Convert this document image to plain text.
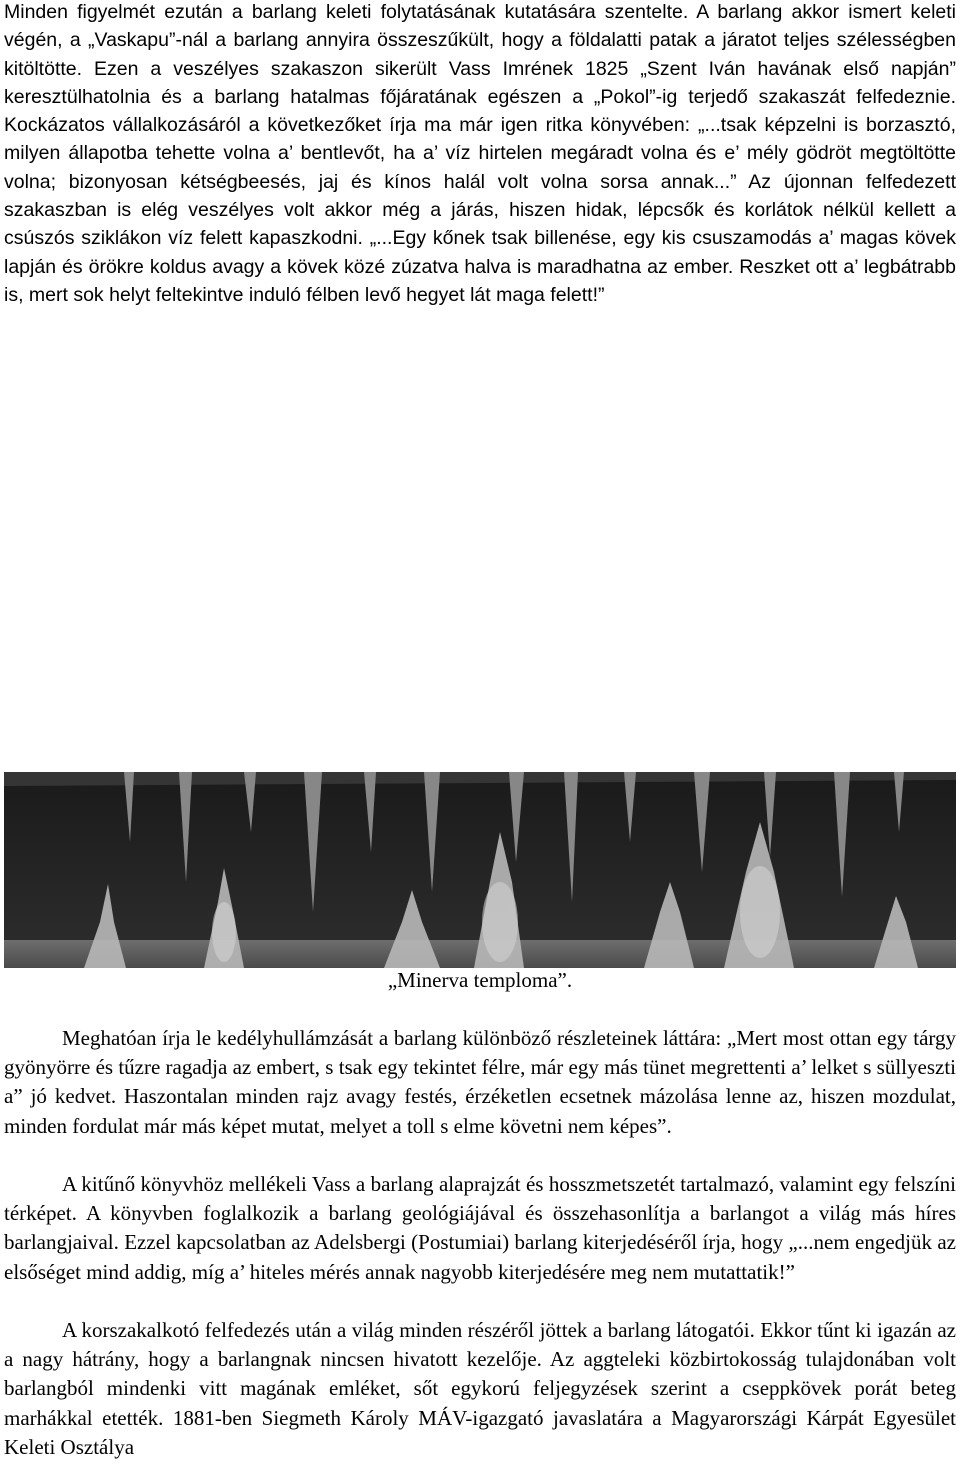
Minden figyelmét ezután a barlang keleti folytatásának kutatására szentelte. A barlang akkor ismert keleti végén, a „Vaskapu”-nál a barlang annyira összeszűkült, hogy a földalatti patak a járatot teljes szélességben kitöltötte. Ezen a veszélyes szakaszon sikerült Vass Imrének 1825 „Szent Iván havának első napján” keresztülhatolnia és a barlang hatalmas főjáratának egészen a „Pokol”-ig terjedő szakaszát felfedeznie. Kockázatos vállalkozásáról a következőket írja ma már igen ritka könyvében: „...tsak képzelni is borzasztó, milyen állapotba tehette volna a’ bentlevőt, ha a’ víz hirtelen megáradt volna és e’ mély gödröt megtöltötte volna; bizonyosan kétségbeesés, jaj és kínos halál volt volna sorsa annak...” Az újonnan felfedezett szakaszban is elég veszélyes volt akkor még a járás, hiszen hidak, lépcsők és korlátok nélkül kellett a csúszós sziklákon víz felett kapaszkodni. „...Egy kőnek tsak billenése, egy kis csuszamodás a’ magas kövek lapján és örökre koldus avagy a kövek közé zúzatva halva is maradhatna az ember. Reszket ott a’ legbátrabb is, mert sok helyt feltekintve induló félben levő hegyet lát maga felett!”

„Minerva temploma”.

Meghatóan írja le kedélyhullámzását a barlang különböző részleteinek láttára: „Mert most ottan egy tárgy gyönyörre és tűzre ragadja az embert, s tsak egy tekintet félre, már egy más tünet megrettenti a’ lelket s süllyeszti a” jó kedvet. Haszontalan minden rajz avagy festés, érzéketlen ecsetnek mázolása lenne az, hiszen mozdulat, minden fordulat már más képet mutat, melyet a toll s elme követni nem képes”.

A kitűnő könyvhöz mellékeli Vass a barlang alaprajzát és hosszmetszetét tartalmazó, valamint egy felszíni térképet. A könyvben foglalkozik a barlang geológiájával és összehasonlítja a barlangot a világ más híres barlangjaival. Ezzel kapcsolatban az Adelsbergi (Postumiai) barlang kiterjedéséről írja, hogy „...nem engedjük az elsőséget mind addig, míg a’ hiteles mérés annak nagyobb kiterjedésére meg nem mutattatik!”

A korszakalkotó felfedezés után a világ minden részéről jöttek a barlang látogatói. Ekkor tűnt ki igazán az a nagy hátrány, hogy a barlangnak nincsen hivatott kezelője. Az aggteleki közbirtokosság tulajdonában volt barlangból mindenki vitt magának emléket, sőt egykorú feljegyzések szerint a cseppkövek porát beteg marhákkal etették. 1881-ben Siegmeth Károly MÁV-igazgató javaslatára a Magyarországi Kárpát Egyesület Keleti Osztálya
